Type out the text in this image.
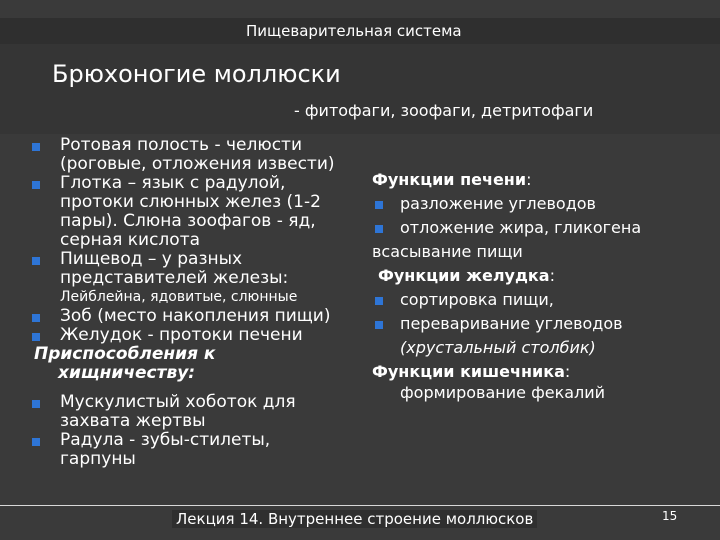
Пищеварительная система
Брюхоногие моллюски
- фитофаги, зоофаги, детритофаги
Ротовая полость - челюсти
(роговые, отложения извести)
Глотка – язык с радулой,
протоки слюнных желез (1-2
пары). Слюна зоофагов - яд,
серная кислота
Пищевод – у разных
представителей железы:
Лейблейна, ядовитые, слюнные
Зоб (место накопления пищи)
Желудок - протоки печени
Приспособления к
хищничеству:
Мускулистый хоботок для
захвата жертвы
Радула - зубы-стилеты,
гарпуны
Функции печени:
разложение углеводов
отложение жира, гликогена
всасывание пищи
Функции желудка:
сортировка пищи,
переваривание углеводов
(хрустальный столбик)
Функции кишечника:
формирование фекалий
Лекция 14. Внутреннее строение моллюсков	15
